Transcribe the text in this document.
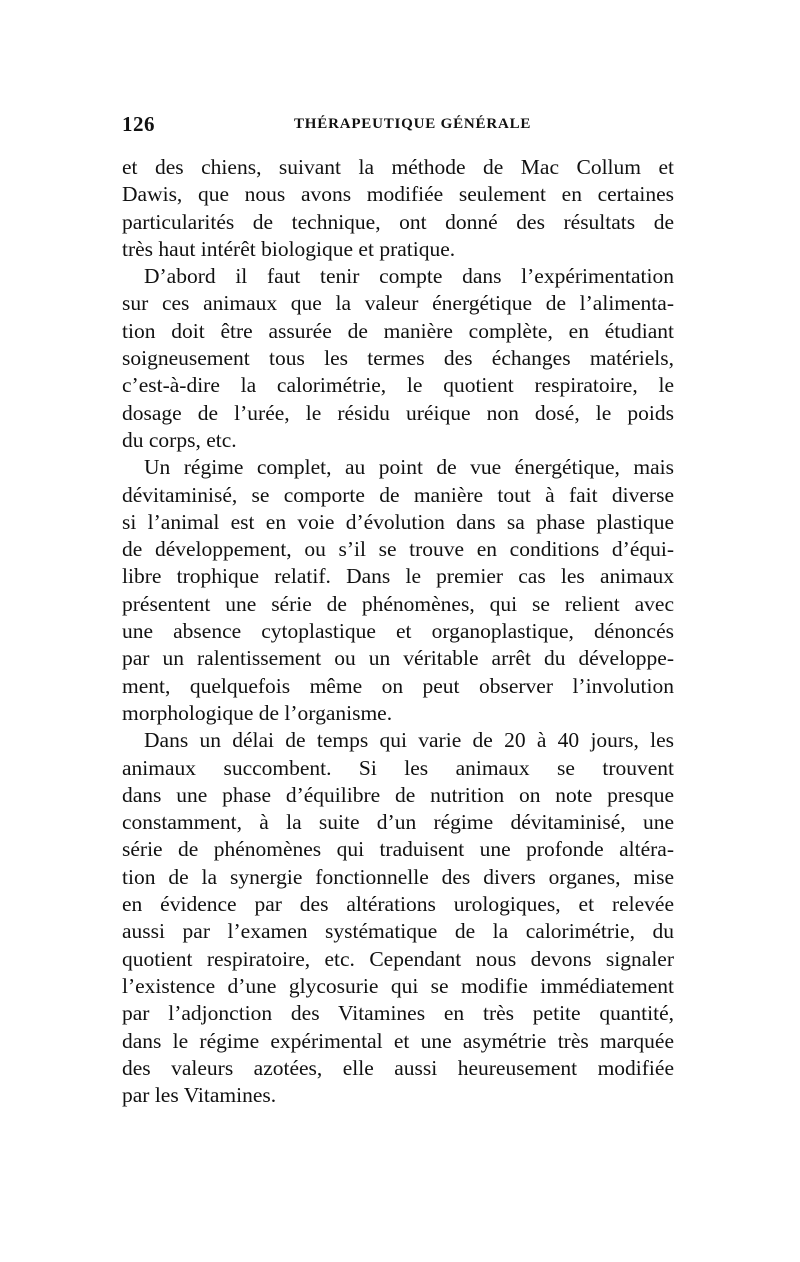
126	THÉRAPEUTIQUE GÉNÉRALE
et des chiens, suivant la méthode de Mac Collum et
Dawis, que nous avons modifiée seulement en certaines
particularités de technique, ont donné des résultats de
très haut intérêt biologique et pratique.
D’abord il faut tenir compte dans l’expérimentation
sur ces animaux que la valeur énergétique de l’alimenta-
tion doit être assurée de manière complète, en étudiant
soigneusement tous les termes des échanges matériels,
c’est-à-dire la calorimétrie, le quotient respiratoire, le
dosage de l’urée, le résidu uréique non dosé, le poids
du corps, etc.
Un régime complet, au point de vue énergétique, mais
dévitaminisé, se comporte de manière tout à fait diverse
si l’animal est en voie d’évolution dans sa phase plastique
de développement, ou s’il se trouve en conditions d’équi-
libre trophique relatif. Dans le premier cas les animaux
présentent une série de phénomènes, qui se relient avec
une absence cytoplastique et organoplastique, dénoncés
par un ralentissement ou un véritable arrêt du développe-
ment, quelquefois même on peut observer l’involution
morphologique de l’organisme.
Dans un délai de temps qui varie de 20 à 40 jours, les
animaux succombent. Si les animaux se trouvent
dans une phase d’équilibre de nutrition on note presque
constamment, à la suite d’un régime dévitaminisé, une
série de phénomènes qui traduisent une profonde altéra-
tion de la synergie fonctionnelle des divers organes, mise
en évidence par des altérations urologiques, et relevée
aussi par l’examen systématique de la calorimétrie, du
quotient respiratoire, etc. Cependant nous devons signaler
l’existence d’une glycosurie qui se modifie immédiatement
par l’adjonction des Vitamines en très petite quantité,
dans le régime expérimental et une asymétrie très marquée
des valeurs azotées, elle aussi heureusement modifiée
par les Vitamines.
